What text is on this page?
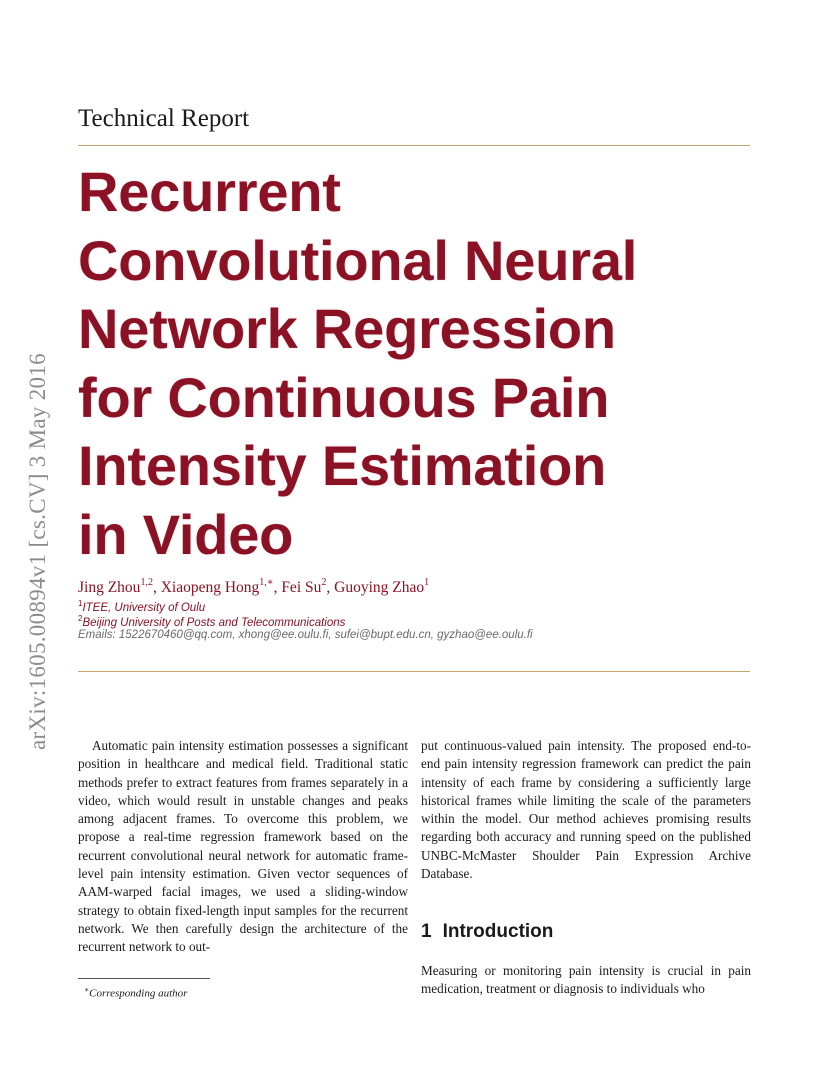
Technical Report
Recurrent
Convolutional Neural
Network Regression
for Continuous Pain
Intensity Estimation
in Video
Jing Zhou$^{1,2}$, Xiaopeng Hong$^{1,∗}$, Fei Su$^2$, Guoying Zhao$^1$
$^1$ITEE, University of Oulu
$^2$Beijing University of Posts and Telecommunications
Emails: 1522670460@qq.com, xhong@ee.oulu.fi, sufei@bupt.edu.cn, gyzhao@ee.oulu.fi
arXiv:1605.00894v1 [cs.CV] 3 May 2016	Automatic pain intensity estimation possesses a significant position in healthcare and medical field. Traditional static methods prefer to extract features from frames separately in a video, which would result in unstable changes and peaks among adjacent frames. To overcome this problem, we propose a real-time regression framework based on the recurrent convolutional neural network for automatic frame-level pain intensity estimation. Given vector sequences of AAM-warped facial images, we used a sliding-window strategy to obtain fixed-length input samples for the recurrent network. We then carefully design the architecture of the recurrent network to out-
put continuous-valued pain intensity. The proposed end-to-end pain intensity regression framework can predict the pain intensity of each frame by considering a sufficiently large historical frames while limiting the scale of the parameters within the model. Our method achieves promising results regarding both accuracy and running speed on the published UNBC-McMaster Shoulder Pain Expression Archive Database.
1 Introduction
Measuring or monitoring pain intensity is crucial in pain medication, treatment or diagnosis to individuals who
∗Corresponding author
